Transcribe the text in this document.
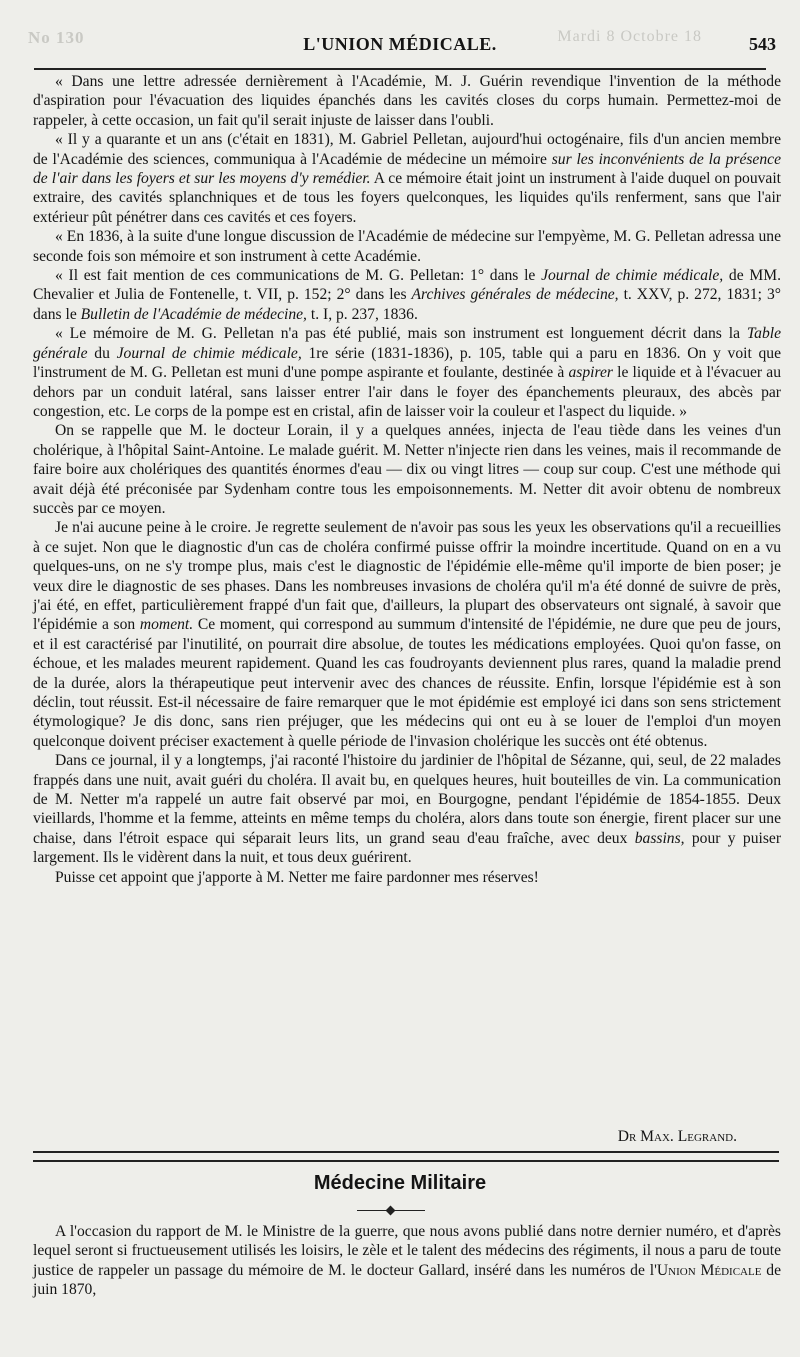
No 130	Mardi 8 Octobre 18
L'UNION MÉDICALE.	543

« Dans une lettre adressée dernièrement à l'Académie, M. J. Guérin revendique l'invention de la méthode d'aspiration pour l'évacuation des liquides épanchés dans les cavités closes du corps humain. Permettez-moi de rappeler, à cette occasion, un fait qu'il serait injuste de laisser dans l'oubli.

« Il y a quarante et un ans (c'était en 1831), M. Gabriel Pelletan, aujourd'hui octogénaire, fils d'un ancien membre de l'Académie des sciences, communiqua à l'Académie de médecine un mémoire sur les inconvénients de la présence de l'air dans les foyers et sur les moyens d'y remédier. A ce mémoire était joint un instrument à l'aide duquel on pouvait extraire, des cavités splanchniques et de tous les foyers quelconques, les liquides qu'ils renferment, sans que l'air extérieur pût pénétrer dans ces cavités et ces foyers.

« En 1836, à la suite d'une longue discussion de l'Académie de médecine sur l'empyème, M. G. Pelletan adressa une seconde fois son mémoire et son instrument à cette Académie.

« Il est fait mention de ces communications de M. G. Pelletan: 1° dans le Journal de chimie médicale, de MM. Chevalier et Julia de Fontenelle, t. VII, p. 152; 2° dans les Archives générales de médecine, t. XXV, p. 272, 1831; 3° dans le Bulletin de l'Académie de médecine, t. I, p. 237, 1836.

« Le mémoire de M. G. Pelletan n'a pas été publié, mais son instrument est longuement décrit dans la Table générale du Journal de chimie médicale, 1re série (1831-1836), p. 105, table qui a paru en 1836. On y voit que l'instrument de M. G. Pelletan est muni d'une pompe aspirante et foulante, destinée à aspirer le liquide et à l'évacuer au dehors par un conduit latéral, sans laisser entrer l'air dans le foyer des épanchements pleuraux, des abcès par congestion, etc. Le corps de la pompe est en cristal, afin de laisser voir la couleur et l'aspect du liquide. »

On se rappelle que M. le docteur Lorain, il y a quelques années, injecta de l'eau tiède dans les veines d'un cholérique, à l'hôpital Saint-Antoine. Le malade guérit. M. Netter n'injecte rien dans les veines, mais il recommande de faire boire aux cholériques des quantités énormes d'eau — dix ou vingt litres — coup sur coup. C'est une méthode qui avait déjà été préconisée par Sydenham contre tous les empoisonnements. M. Netter dit avoir obtenu de nombreux succès par ce moyen.

Je n'ai aucune peine à le croire. Je regrette seulement de n'avoir pas sous les yeux les observations qu'il a recueillies à ce sujet. Non que le diagnostic d'un cas de choléra confirmé puisse offrir la moindre incertitude. Quand on en a vu quelques-uns, on ne s'y trompe plus, mais c'est le diagnostic de l'épidémie elle-même qu'il importe de bien poser; je veux dire le diagnostic de ses phases. Dans les nombreuses invasions de choléra qu'il m'a été donné de suivre de près, j'ai été, en effet, particulièrement frappé d'un fait que, d'ailleurs, la plupart des observateurs ont signalé, à savoir que l'épidémie a son moment. Ce moment, qui correspond au summum d'intensité de l'épidémie, ne dure que peu de jours, et il est caractérisé par l'inutilité, on pourrait dire absolue, de toutes les médications employées. Quoi qu'on fasse, on échoue, et les malades meurent rapidement. Quand les cas foudroyants deviennent plus rares, quand la maladie prend de la durée, alors la thérapeutique peut intervenir avec des chances de réussite. Enfin, lorsque l'épidémie est à son déclin, tout réussit. Est-il nécessaire de faire remarquer que le mot épidémie est employé ici dans son sens strictement étymologique? Je dis donc, sans rien préjuger, que les médecins qui ont eu à se louer de l'emploi d'un moyen quelconque doivent préciser exactement à quelle période de l'invasion cholérique les succès ont été obtenus.

Dans ce journal, il y a longtemps, j'ai raconté l'histoire du jardinier de l'hôpital de Sézanne, qui, seul, de 22 malades frappés dans une nuit, avait guéri du choléra. Il avait bu, en quelques heures, huit bouteilles de vin. La communication de M. Netter m'a rappelé un autre fait observé par moi, en Bourgogne, pendant l'épidémie de 1854-1855. Deux vieillards, l'homme et la femme, atteints en même temps du choléra, alors dans toute son énergie, firent placer sur une chaise, dans l'étroit espace qui séparait leurs lits, un grand seau d'eau fraîche, avec deux bassins, pour y puiser largement. Ils le vidèrent dans la nuit, et tous deux guérirent.

Puisse cet appoint que j'apporte à M. Netter me faire pardonner mes réserves!

Dr Max. Legrand.
Médecine Militaire

A l'occasion du rapport de M. le Ministre de la guerre, que nous avons publié dans notre dernier numéro, et d'après lequel seront si fructueusement utilisés les loisirs, le zèle et le talent des médecins des régiments, il nous a paru de toute justice de rappeler un passage du mémoire de M. le docteur Gallard, inséré dans les numéros de l'Union Médicale de juin 1870,
